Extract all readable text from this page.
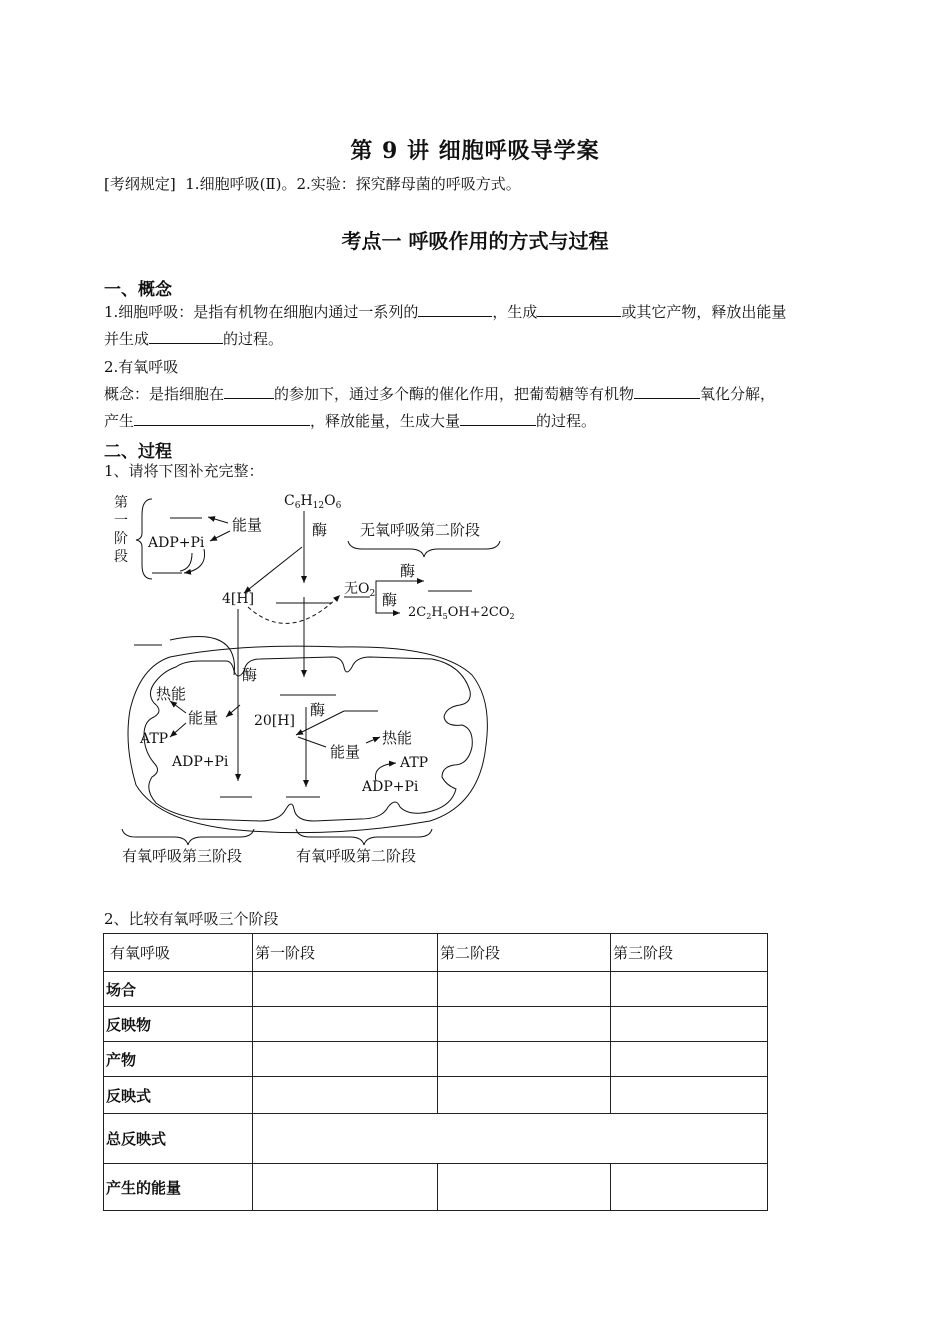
第 9 讲 细胞呼吸导学案
[考纲规定] 1.细胞呼吸(Ⅱ)。2.实验：探究酵母菌的呼吸方式。
考点一 呼吸作用的方式与过程
一、概念
1.细胞呼吸：是指有机物在细胞内通过一系列的	，生成	或其它产物，释放出能量
并生成	的过程。
2.有氧呼吸
概念：是指细胞在	的参加下，通过多个酶的催化作用，把葡萄糖等有机物	氧化分解，
产生	，释放能量，生成大量	的过程。
二、过程
1、请将下图补充完整：
第
一
阶
段
能量
ADP+Pi
$C_6H_{12}O_6$
酶 无氧呼吸第二阶段
酶
无$O_2$ 酶
$2C_2H_5OH+2CO_2$
4[H]
酶
热能
能量
ATP
ADP+Pi
20[H]
酶
能量
热能
ATP
ADP+Pi
有氧呼吸第三阶段	有氧呼吸第二阶段
2、比较有氧呼吸三个阶段
有氧呼吸	第一阶段	第二阶段	第三阶段
场合			
反映物			
产物			
反映式			
总反映式			
产生的能量			
